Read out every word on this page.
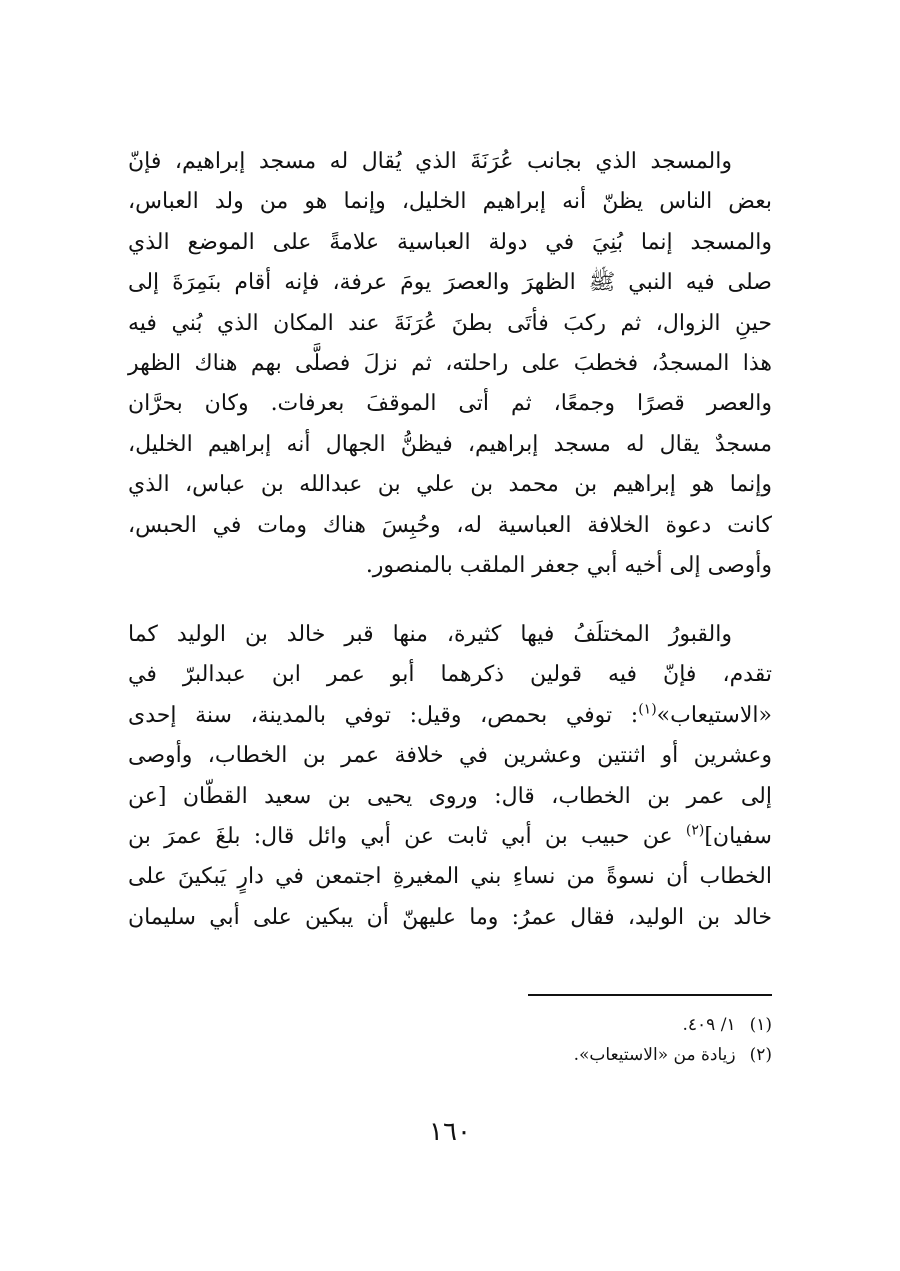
والمسجد الذي بجانب عُرَنَةَ الذي يُقال له مسجد إبراهيم، فإنّ
بعض الناس يظنّ أنه إبراهيم الخليل، وإنما هو من ولد العباس،
والمسجد إنما بُنِيَ في دولة العباسية علامةً على الموضع الذي
صلى فيه النبي ﷺ الظهرَ والعصرَ يومَ عرفة، فإنه أقام بنَمِرَةَ إلى
حينِ الزوال، ثم ركبَ فأتَى بطنَ عُرَنَةَ عند المكان الذي بُني فيه
هذا المسجدُ، فخطبَ على راحلته، ثم نزلَ فصلَّى بهم هناك الظهر
والعصر قصرًا وجمعًا، ثم أتى الموقفَ بعرفات. وكان بحرَّان
مسجدٌ يقال له مسجد إبراهيم، فيظنُّ الجهال أنه إبراهيم الخليل،
وإنما هو إبراهيم بن محمد بن علي بن عبدالله بن عباس، الذي
كانت دعوة الخلافة العباسية له، وحُبِسَ هناك ومات في الحبس،
وأوصى إلى أخيه أبي جعفر الملقب بالمنصور.
والقبورُ المختلَفُ فيها كثيرة، منها قبر خالد بن الوليد كما
تقدم، فإنّ فيه قولين ذكرهما أبو عمر ابن عبدالبرّ في
«الاستيعاب»$^{(١)}$: توفي بحمص، وقيل: توفي بالمدينة، سنة إحدى
وعشرين أو اثنتين وعشرين في خلافة عمر بن الخطاب، وأوصى
إلى عمر بن الخطاب، قال: وروى يحيى بن سعيد القطّان [عن
سفيان]$^{(٢)}$ عن حبيب بن أبي ثابت عن أبي وائل قال: بلغَ عمرَ بن
الخطاب أن نسوةً من نساءِ بني المغيرةِ اجتمعن في دارٍ يَبكينَ على
خالد بن الوليد، فقال عمرُ: وما عليهنّ أن يبكين على أبي سليمان
(١)١/ ٤٠٩.
(٢)زيادة من «الاستيعاب».
١٦٠
